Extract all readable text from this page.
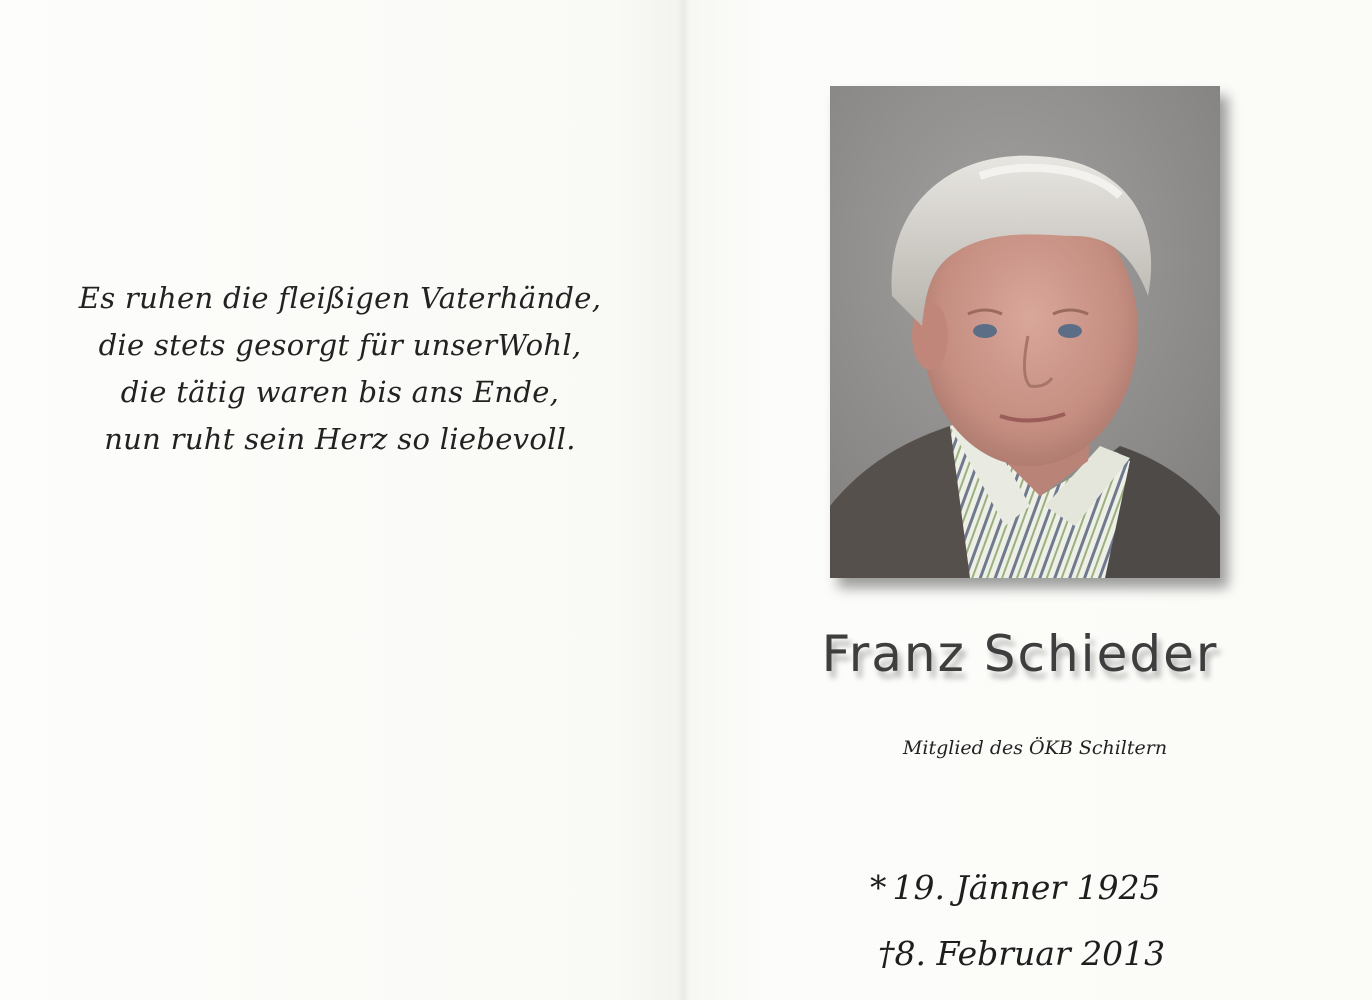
Es ruhen die fleißigen Vaterhände,
die stets gesorgt für unserWohl,
die tätig waren bis ans Ende,
nun ruht sein Herz so liebevoll.
Franz Schieder
Mitglied des ÖKB Schiltern
* 19. Jänner 1925
†8. Februar 2013
